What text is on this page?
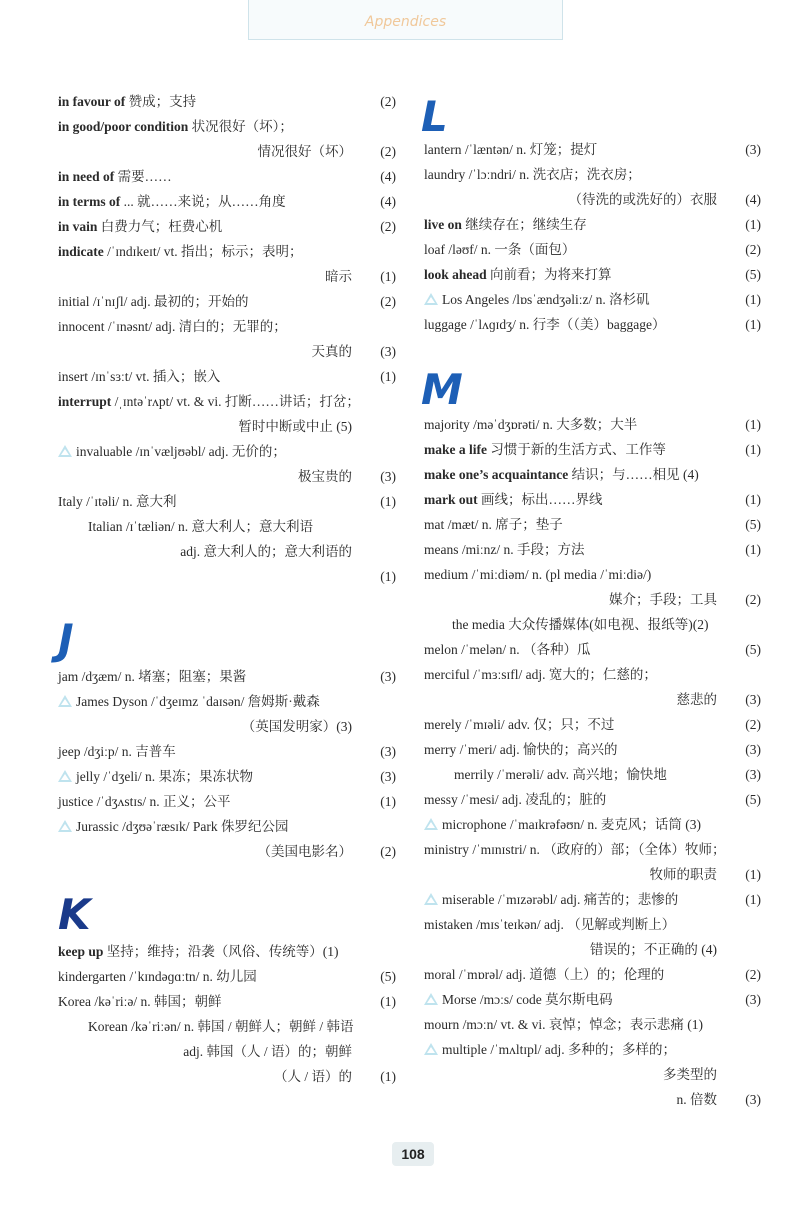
Appendices
in favour of 赞成；支持	(2)
in good/poor condition 状况很好（坏）；
情况很好（坏） (2)
in need of 需要……	(4)
in terms of ... 就……来说；从……角度	(4)
in vain 白费力气；枉费心机	(2)
indicate /ˈɪndɪkeɪt/ vt. 指出；标示；表明；
暗示 (1)
initial /ɪˈnɪʃl/ adj. 最初的；开始的	(2)
innocent /ˈɪnəsnt/ adj. 清白的；无罪的；
天真的 (3)
insert /ɪnˈsɜːt/ vt. 插入；嵌入	(1)
interrupt /ˌɪntəˈrʌpt/ vt. & vi. 打断……讲话；打岔；
暂时中断或中止 (5)
invaluable /ɪnˈvæljʊəbl/ adj. 无价的；
极宝贵的 (3)
Italy /ˈɪtəli/ n. 意大利	(1)
Italian /ɪˈtæliən/ n. 意大利人；意大利语
adj. 意大利人的；意大利语的
(1)
jam /dʒæm/ n. 堵塞；阻塞；果酱	(3)
James Dyson /ˈdʒeɪmz ˈdaɪsən/ 詹姆斯·戴森
（英国发明家）(3)
jeep /dʒiːp/ n. 吉普车	(3)
jelly /ˈdʒeli/ n. 果冻；果冻状物	(3)
justice /ˈdʒʌstɪs/ n. 正义；公平	(1)
Jurassic /dʒʊəˈræsɪk/ Park 侏罗纪公园
（美国电影名） (2)
keep up 坚持；维持；沿袭（风俗、传统等）(1)
kindergarten /ˈkɪndəɡɑːtn/ n. 幼儿园	(5)
Korea /kəˈriːə/ n. 韩国；朝鲜	(1)
Korean /kəˈriːən/ n. 韩国 / 朝鲜人；朝鲜 / 韩语
adj. 韩国（人 / 语）的；朝鲜
（人 / 语）的 (1)
lantern /ˈlæntən/ n. 灯笼；提灯	(3)
laundry /ˈlɔːndri/ n. 洗衣店；洗衣房；
（待洗的或洗好的）衣服 (4)
live on 继续存在；继续生存	(1)
loaf /ləʊf/ n. 一条（面包）	(2)
look ahead 向前看；为将来打算	(5)
Los Angeles /lɒsˈændʒəliːz/ n. 洛杉矶	(1)
luggage /ˈlʌɡɪdʒ/ n. 行李（（美）baggage）	(1)
majority /məˈdʒɒrəti/ n. 大多数；大半	(1)
make a life 习惯于新的生活方式、工作等	(1)
make one’s acquaintance 结识；与……相见 (4)
mark out 画线；标出……界线	(1)
mat /mæt/ n. 席子；垫子	(5)
means /miːnz/ n. 手段；方法	(1)
medium /ˈmiːdiəm/ n. (pl media /ˈmiːdiə/)
媒介；手段；工具 (2)
the media 大众传播媒体(如电视、报纸等)(2)
melon /ˈmelən/ n. （各种）瓜	(5)
merciful /ˈmɜːsɪfl/ adj. 宽大的；仁慈的；
慈悲的 (3)
merely /ˈmɪəli/ adv. 仅；只；不过	(2)
merry /ˈmeri/ adj. 愉快的；高兴的	(3)
merrily /ˈmerəli/ adv. 高兴地；愉快地	(3)
messy /ˈmesi/ adj. 凌乱的；脏的	(5)
microphone /ˈmaɪkrəfəʊn/ n. 麦克风；话筒 (3)
ministry /ˈmɪnɪstri/ n. （政府的）部；（全体）牧师；
牧师的职责 (1)
miserable /ˈmɪzərəbl/ adj. 痛苦的；悲惨的	(1)
mistaken /mɪsˈteɪkən/ adj. （见解或判断上）
错误的；不正确的 (4)
moral /ˈmɒrəl/ adj. 道德（上）的；伦理的	(2)
Morse /mɔːs/ code 莫尔斯电码	(3)
mourn /mɔːn/ vt. & vi. 哀悼；悼念；表示悲痛 (1)
multiple /ˈmʌltɪpl/ adj. 多种的；多样的；
多类型的
n. 倍数 (3)
J
K
L
M
108
